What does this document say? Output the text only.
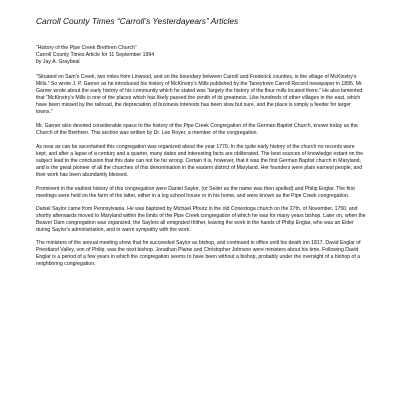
Carroll County Times “Carroll’s Yesterdayears” Articles
“History of the Pipe Creek Brethren Church”
Carroll County Times Article for 11 September 1994
by Jay A. Graybeal

“Situated on Sam’s Creek, two miles from Linwood, and on the boundary between Carroll and Frederick counties, is the village of McKinstry’s Mills.” So wrote J. P. Garner as he introduced his history of McKinstry’s Mills published by the Taneytown Carroll Record newspaper in 1895. Mr. Garner wrote about the early history of his community which he stated was “largely the history of the flour mills located there.” He also lamented that “McKinstry’s Mills is one of the places which has likely passed the zenith of its greatness. Like hundreds of other villages in the east, which have been missed by the railroad, the depreciation of business interests has been slow but sure, and the place is simply a feeder for larger towns.”

Mr. Garner also devoted considerable space to the history of the Pipe Creek Congregation of the German Baptist Church, known today as the Church of the Brethren. This section was written by Dr. Lee Royer, a member of the congregation.

As near as can be ascertained this congregation was organized about the year 1770. In the quite early history of the church no records were kept, and after a lapse of a century and a quarter, many dates and interesting facts are obliterated. The best sources of knowledge extant on the subject lead to the conclusion that this date can not be far wrong. Certain it is, however, that it was the first German Baptist church in Maryland, and is the great pioneer of all the churches of this denomination in the eastern district of Maryland. Her founders were plain earnest people, and their work has been abundantly blessed.

Prominent in the earliest history of this congregation were Daniel Saylor, (or Seiler as the name was then spelled) and Philip Englar. The first meetings were held on the farm of the latter, either in a log school house or in his home, and were known as the Pipe Creek congregation.

Daniel Saylor came from Pennsylvania. He was baptized by Michael Pfoutz in the old Conestoga church on the 27th. of November, 1750, and shortly afterwards moved to Maryland within the limits of the Pipe Creek congregation of which he was for many years bishop. Later on, when the Beaver Dam congregation was organized, the Saylors all emigrated thither, leaving the work in the hands of Philip Englar, who was an Elder during Saylor’s administration, and in warm sympathy with the work.

The ministers of the annual meeting show that he succeeded Saylor as bishop, and continued in office until his death inn 1817. David Englar of Priestland Valley, son of Philip, was the next bishop. Jonathan Plaine and Christopher Johnson were ministers about his time. Following David Englar is a period of a few years in which the congregation seems to have been without a bishop, probably under the oversight of a bishop of a neighboring congregation.
